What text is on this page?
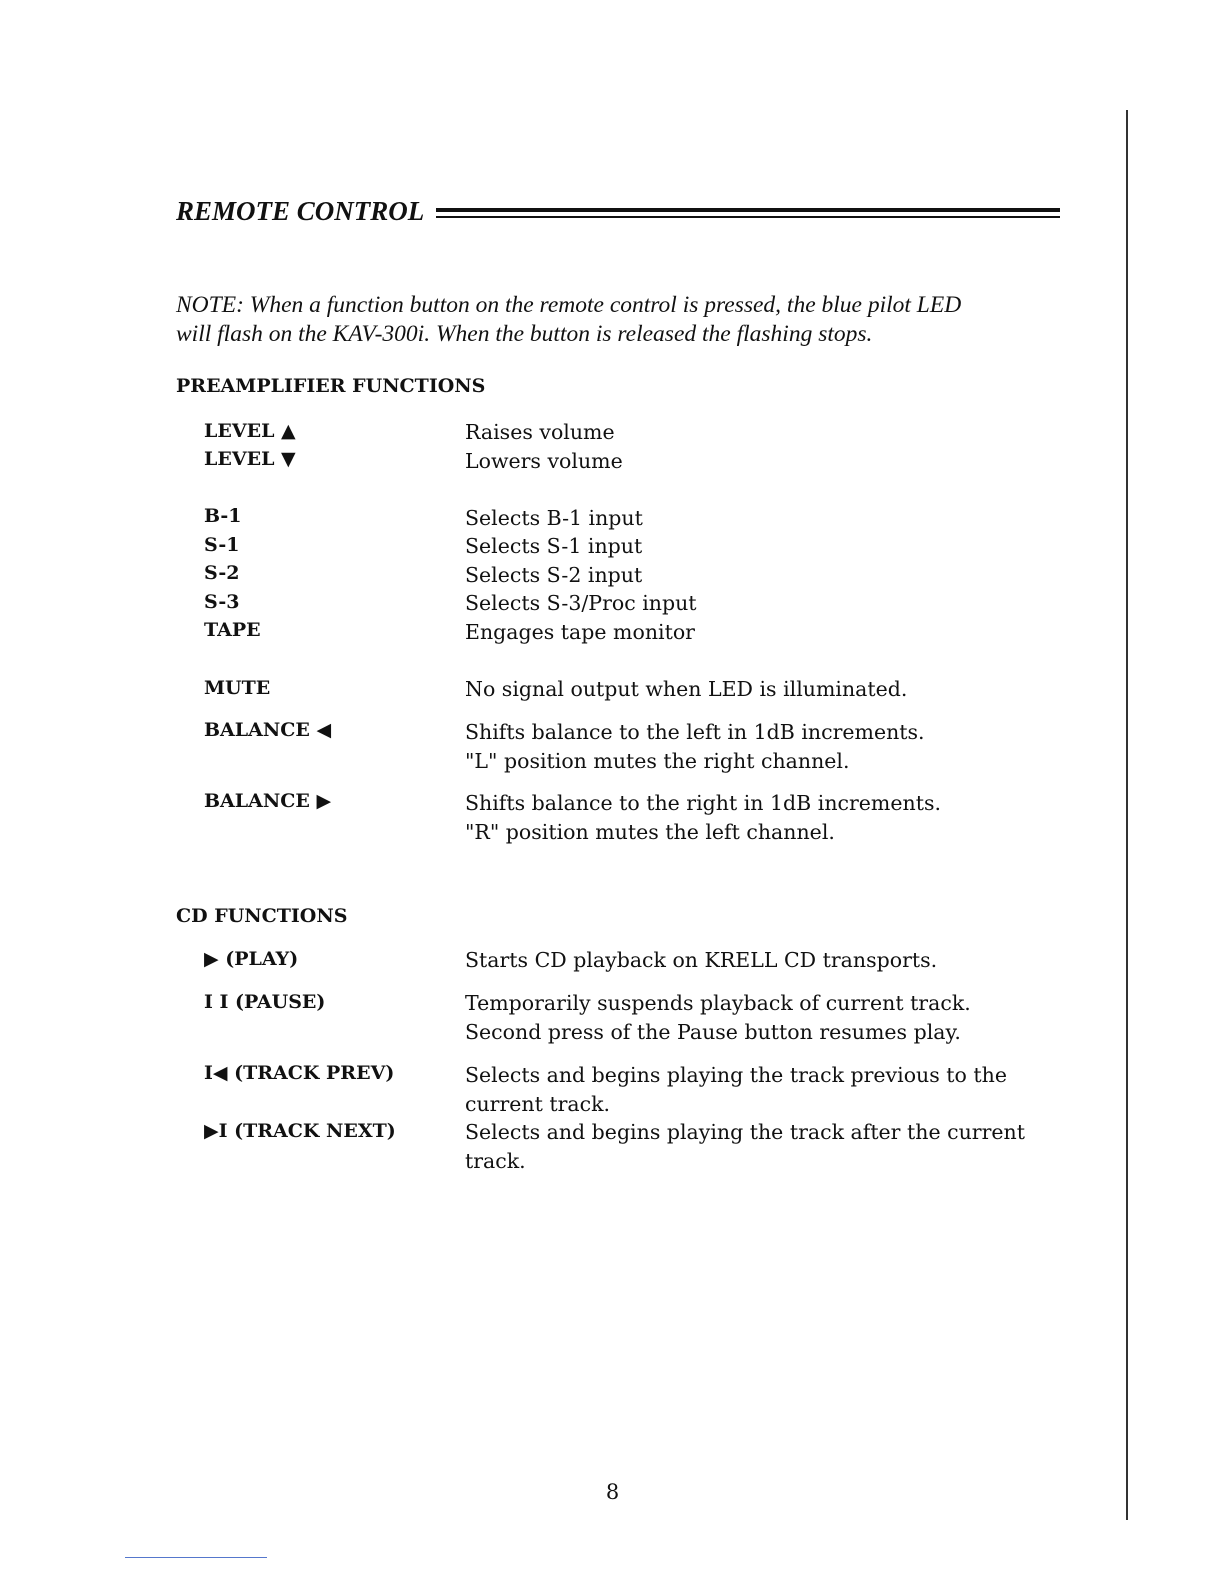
REMOTE CONTROL
NOTE: When a function button on the remote control is pressed, the blue pilot LED
will flash on the KAV-300i. When the button is released the flashing stops.
PREAMPLIFIER FUNCTIONS
LEVEL ▲	Raises volume
LEVEL ▼	Lowers volume
B-1	Selects B-1 input
S-1	Selects S-1 input
S-2	Selects S-2 input
S-3	Selects S-3/Proc input
TAPE	Engages tape monitor
MUTE	No signal output when LED is illuminated.
BALANCE ◀	Shifts balance to the left in 1dB increments.
"L" position mutes the right channel.
BALANCE ▶	Shifts balance to the right in 1dB increments.
"R" position mutes the left channel.
CD FUNCTIONS
▶ (PLAY)	Starts CD playback on KRELL CD transports.
I I (PAUSE)	Temporarily suspends playback of current track.
Second press of the Pause button resumes play.
I◀ (TRACK PREV)	Selects and begins playing the track previous to the
current track.
▶I (TRACK NEXT)	Selects and begins playing the track after the current
track.
8
